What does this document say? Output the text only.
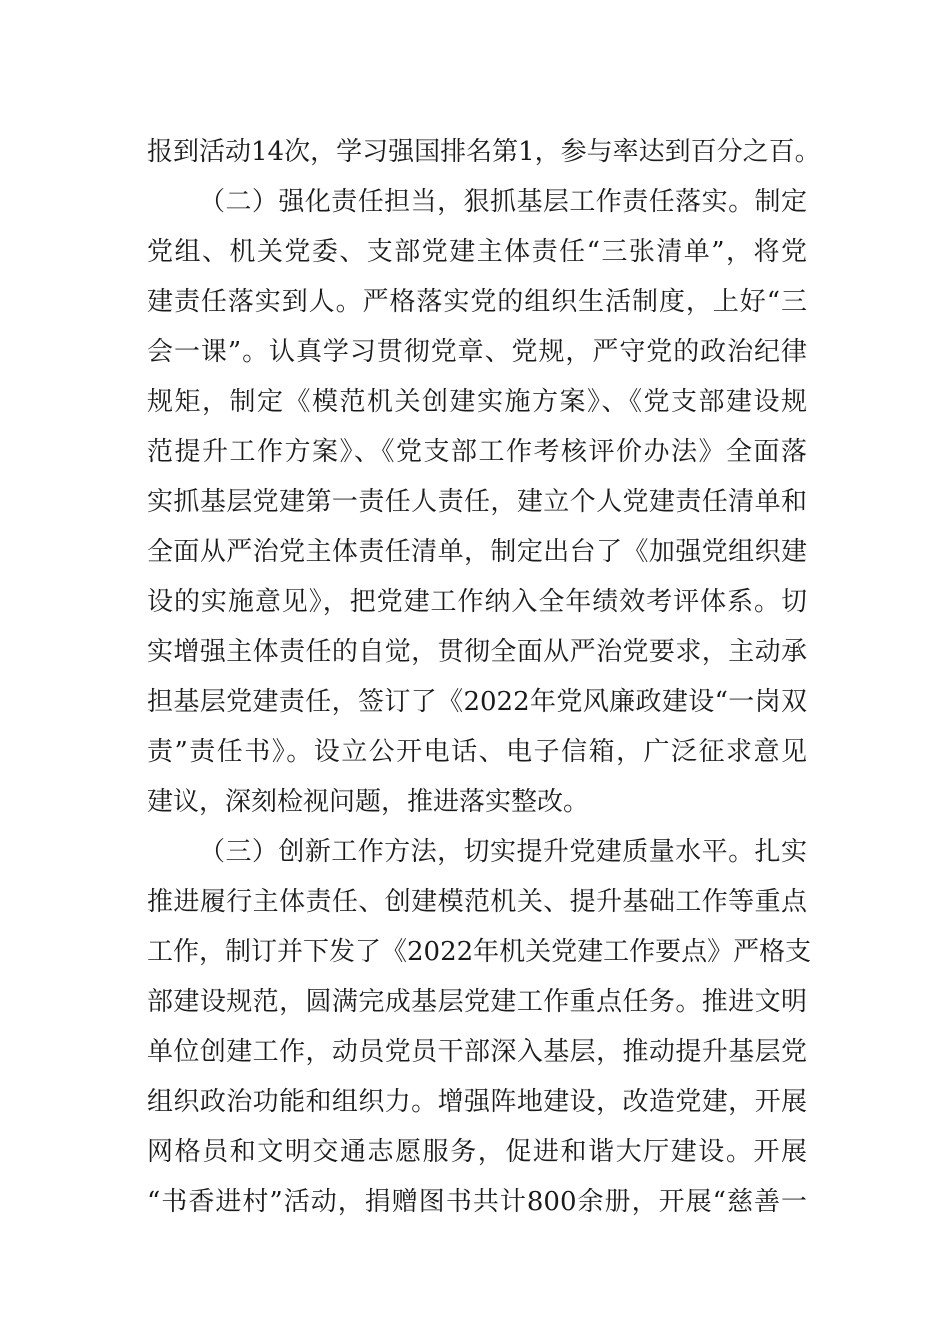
报到活动14次，学习强国排名第1，参与率达到百分之百。
（二）强化责任担当，狠抓基层工作责任落实。制定
党组、机关党委、支部党建主体责任“三张清单”，将党
建责任落实到人。严格落实党的组织生活制度，上好“三
会一课”。认真学习贯彻党章、党规，严守党的政治纪律
规矩，制定《模范机关创建实施方案》、《党支部建设规
范提升工作方案》、《党支部工作考核评价办法》全面落
实抓基层党建第一责任人责任，建立个人党建责任清单和
全面从严治党主体责任清单，制定出台了《加强党组织建
设的实施意见》，把党建工作纳入全年绩效考评体系。切
实增强主体责任的自觉，贯彻全面从严治党要求，主动承
担基层党建责任，签订了《2022年党风廉政建设“一岗双
责”责任书》。设立公开电话、电子信箱，广泛征求意见
建议，深刻检视问题，推进落实整改。
（三）创新工作方法，切实提升党建质量水平。扎实
推进履行主体责任、创建模范机关、提升基础工作等重点
工作，制订并下发了《2022年机关党建工作要点》严格支
部建设规范，圆满完成基层党建工作重点任务。推进文明
单位创建工作，动员党员干部深入基层，推动提升基层党
组织政治功能和组织力。增强阵地建设，改造党建，开展
网格员和文明交通志愿服务，促进和谐大厅建设。开展
“书香进村”活动，捐赠图书共计800余册，开展“慈善一
